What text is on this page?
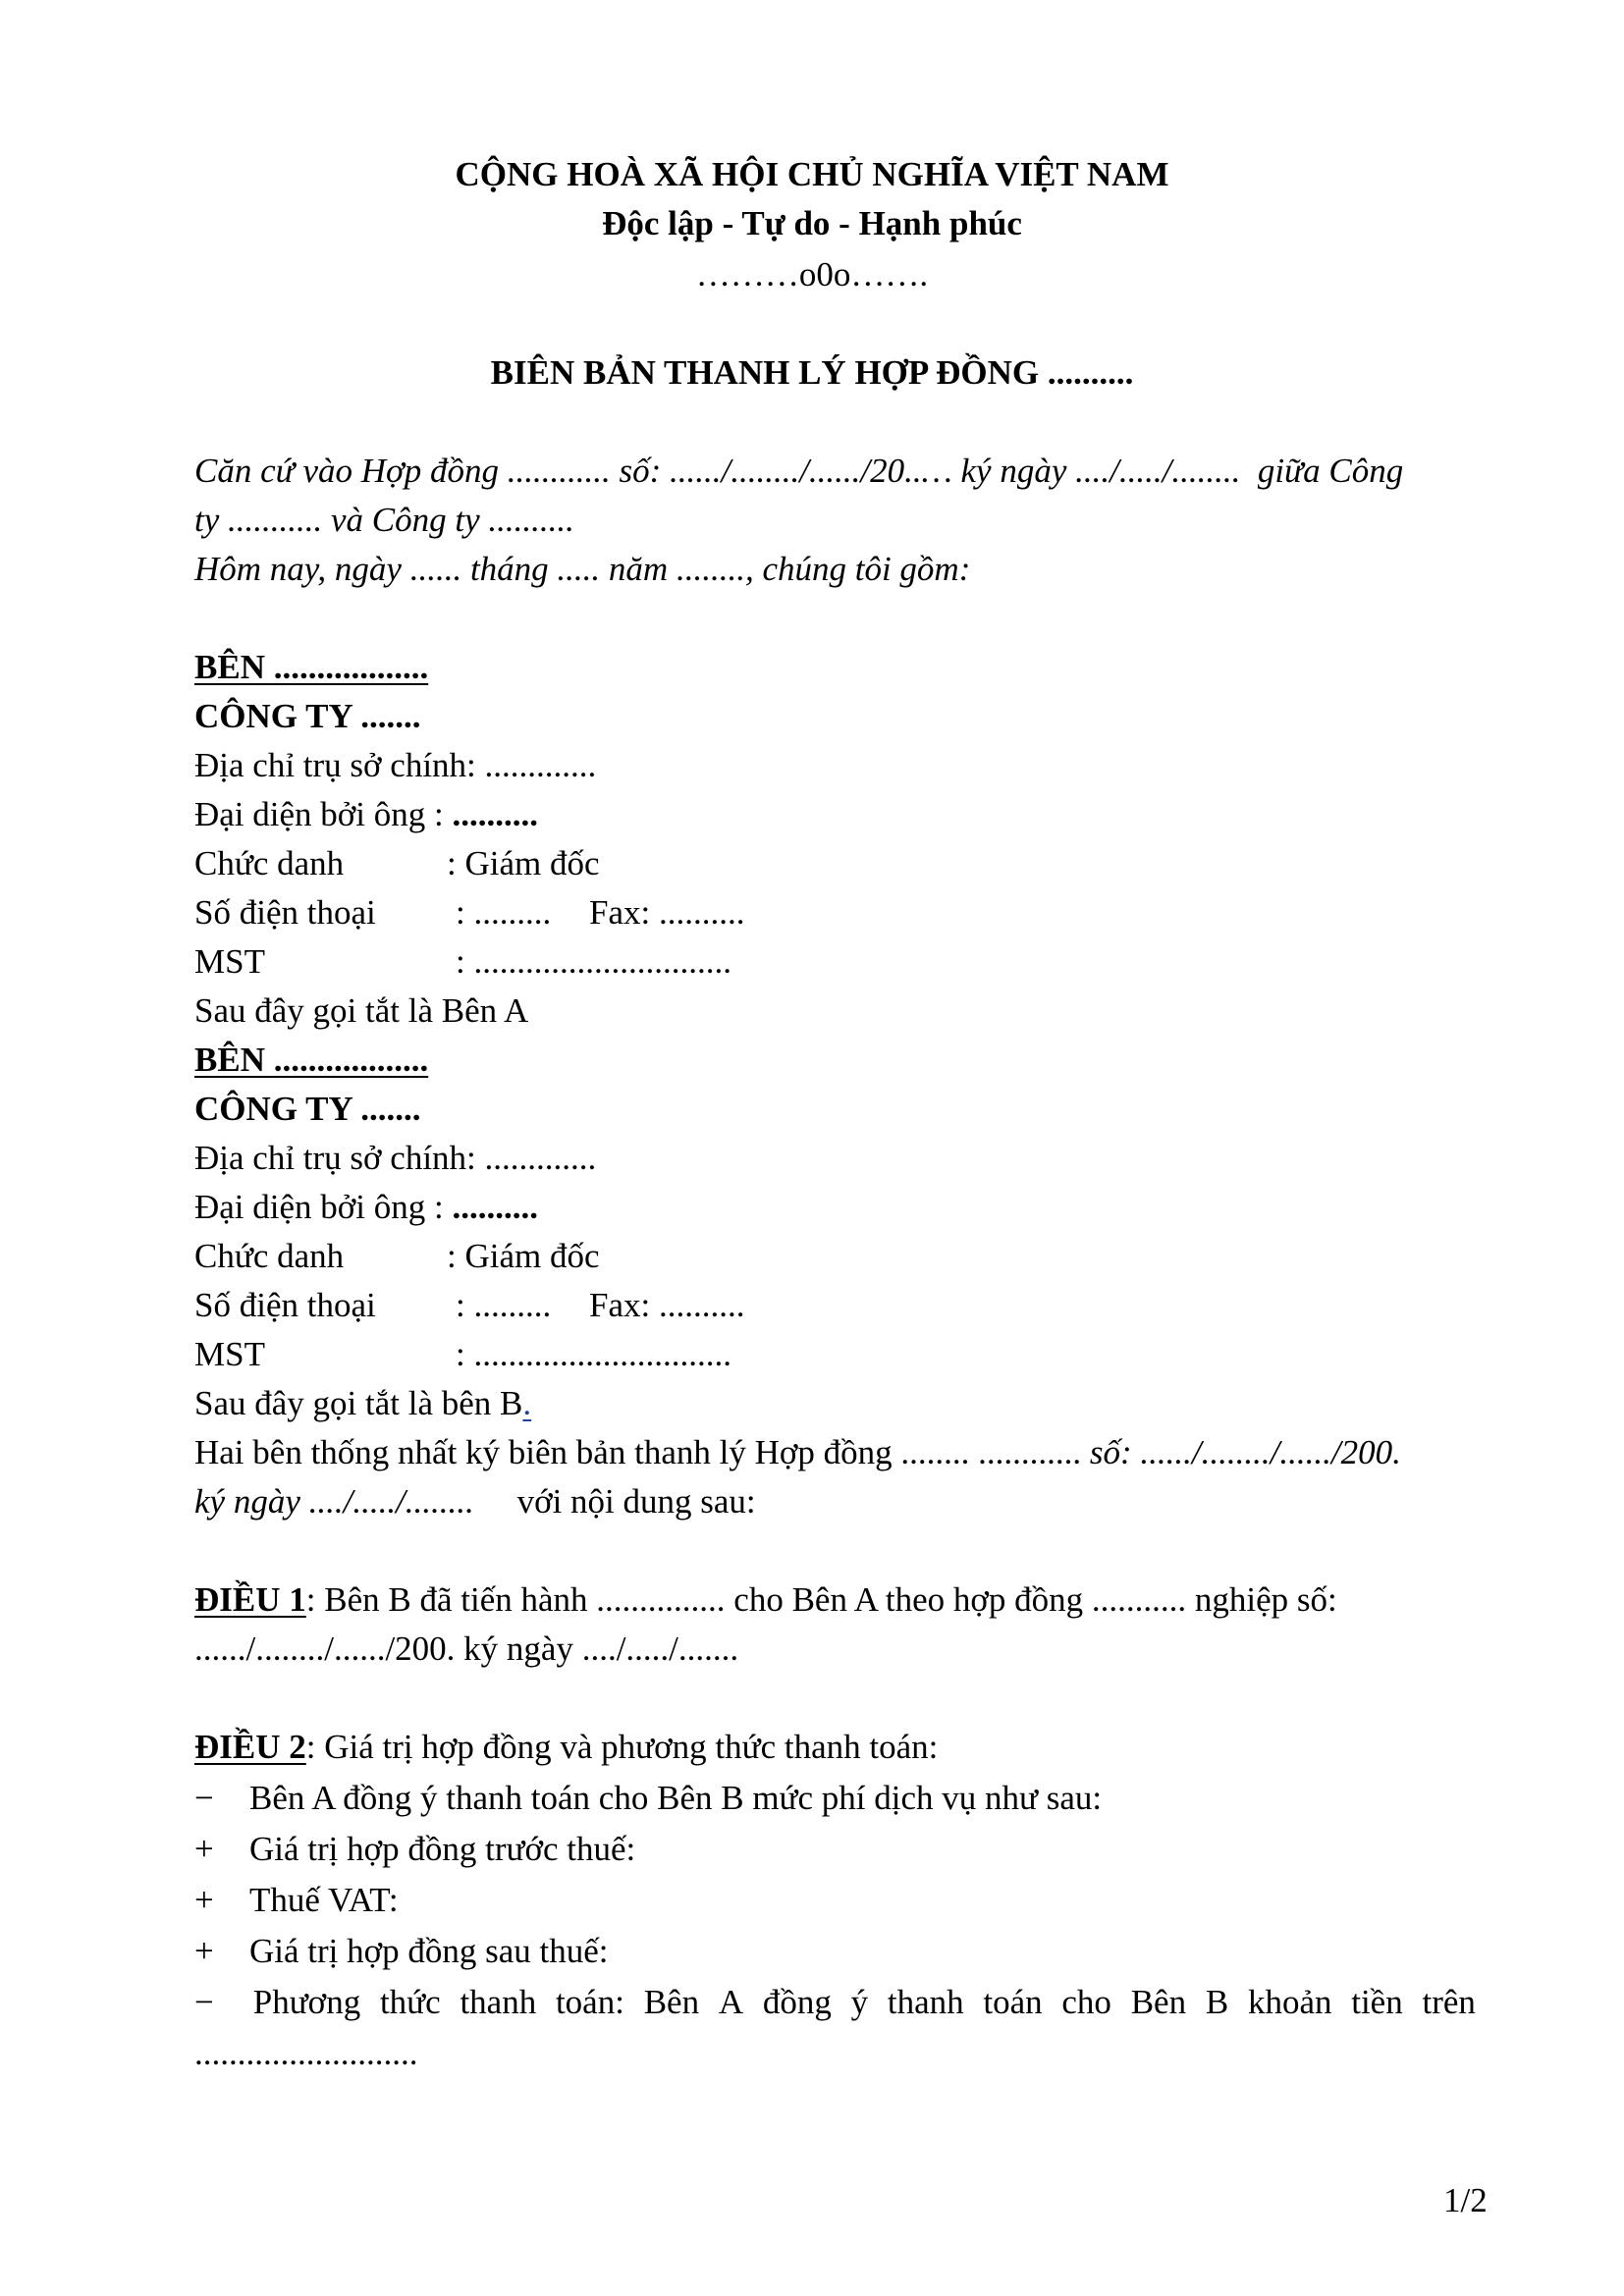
CỘNG HOÀ XÃ HỘI CHỦ NGHĨA VIỆT NAM
Độc lập - Tự do - Hạnh phúc
………o0o…….
BIÊN BẢN THANH LÝ HỢP ĐỒNG ..........
Căn cứ vào Hợp đồng ............ số: ....../......../....../20..… ký ngày ..../...../........  giữa Công
ty ........... và Công ty ..........
Hôm nay, ngày ...... tháng ..... năm ........, chúng tôi gồm:
BÊN ..................
CÔNG TY .......
Địa chỉ trụ sở chính: .............
Đại diện bởi ông : ..........
Chức danh	: Giám đốc
Số điện thoại : ......... Fax: ..........
MST	: ..............................
Sau đây gọi tắt là Bên A
BÊN ..................
CÔNG TY .......
Địa chỉ trụ sở chính: .............
Đại diện bởi ông : ..........
Chức danh	: Giám đốc
Số điện thoại : ......... Fax: ..........
MST	: ..............................
Sau đây gọi tắt là bên B.
Hai bên thống nhất ký biên bản thanh lý Hợp đồng ........ ............ số: ....../......../....../200.
ký ngày ..../...../........     với nội dung sau:
ĐIỀU 1: Bên B đã tiến hành ............... cho Bên A theo hợp đồng ........... nghiệp số:
....../......../....../200. ký ngày ..../...../.......
ĐIỀU 2: Giá trị hợp đồng và phương thức thanh toán:
− Bên A đồng ý thanh toán cho Bên B mức phí dịch vụ như sau:
+ Giá trị hợp đồng trước thuế:
+ Thuế VAT:
+ Giá trị hợp đồng sau thuế:
−	Phương thức thanh toán: Bên A đồng ý thanh toán cho Bên B khoản tiền trên
..........................
1/2
